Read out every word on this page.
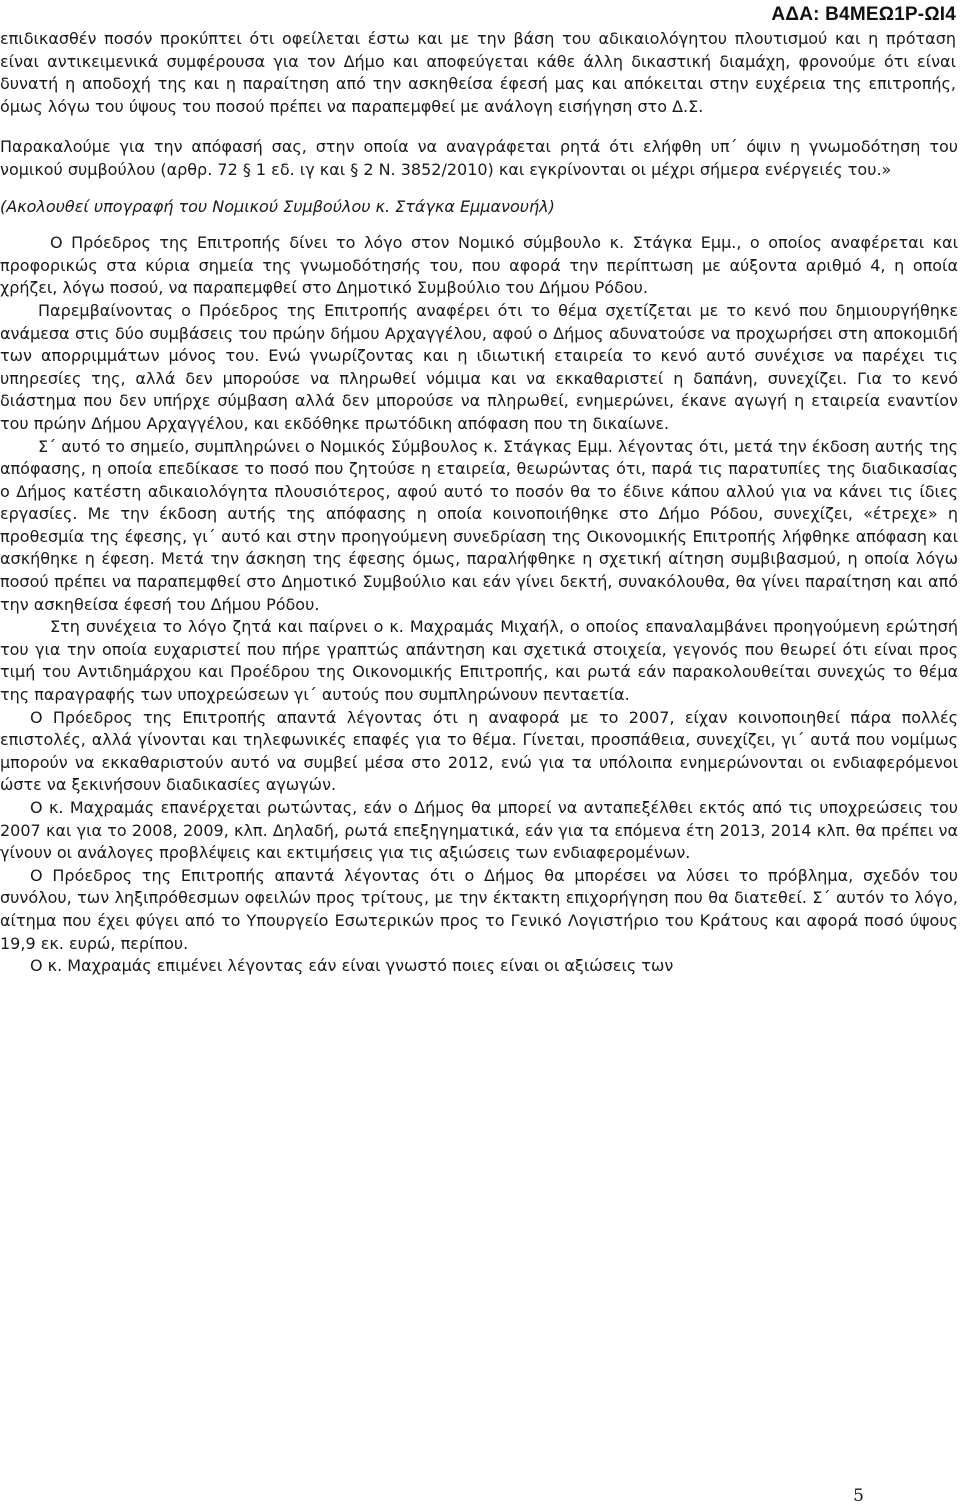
ΑΔΑ: Β4ΜΕΩ1Ρ-ΩΙ4

επιδικασθέν ποσόν προκύπτει ότι οφείλεται έστω και με την βάση του αδικαιολόγητου πλουτισμού και η πρόταση είναι αντικειμενικά συμφέρουσα για τον Δήμο και αποφεύγεται κάθε άλλη δικαστική διαμάχη, φρονούμε ότι είναι δυνατή η αποδοχή της και η παραίτηση από την ασκηθείσα έφεσή μας και απόκειται στην ευχέρεια της επιτροπής, όμως λόγω του ύψους του ποσού πρέπει να παραπεμφθεί με ανάλογη εισήγηση στο Δ.Σ.

Παρακαλούμε για την απόφασή σας, στην οποία να αναγράφεται ρητά ότι ελήφθη υπ΄ όψιν η γνωμοδότηση του νομικού συμβούλου (αρθρ. 72 § 1 εδ. ιγ και § 2 Ν. 3852/2010) και εγκρίνονται οι μέχρι σήμερα ενέργειές του.»

(Ακολουθεί υπογραφή του Νομικού Συμβούλου κ. Στάγκα Εμμανουήλ)

Ο Πρόεδρος της Επιτροπής δίνει το λόγο στον Νομικό σύμβουλο κ. Στάγκα Εμμ., ο οποίος αναφέρεται και προφορικώς στα κύρια σημεία της γνωμοδότησής του, που αφορά την περίπτωση με αύξοντα αριθμό 4, η οποία χρήζει, λόγω ποσού, να παραπεμφθεί στο Δημοτικό Συμβούλιο του Δήμου Ρόδου.

Παρεμβαίνοντας ο Πρόεδρος της Επιτροπής αναφέρει ότι το θέμα σχετίζεται με το κενό που δημιουργήθηκε ανάμεσα στις δύο συμβάσεις του πρώην δήμου Αρχαγγέλου, αφού ο Δήμος αδυνατούσε να προχωρήσει στη αποκομιδή των απορριμμάτων μόνος του. Ενώ γνωρίζοντας και η ιδιωτική εταιρεία το κενό αυτό συνέχισε να παρέχει τις υπηρεσίες της, αλλά δεν μπορούσε να πληρωθεί νόμιμα και να εκκαθαριστεί η δαπάνη, συνεχίζει. Για το κενό διάστημα που δεν υπήρχε σύμβαση αλλά δεν μπορούσε να πληρωθεί, ενημερώνει, έκανε αγωγή η εταιρεία εναντίον του πρώην Δήμου Αρχαγγέλου, και εκδόθηκε πρωτόδικη απόφαση που τη δικαίωνε.

Σ΄ αυτό το σημείο, συμπληρώνει ο Νομικός Σύμβουλος κ. Στάγκας Εμμ. λέγοντας ότι, μετά την έκδοση αυτής της απόφασης, η οποία επεδίκασε το ποσό που ζητούσε η εταιρεία, θεωρώντας ότι, παρά τις παρατυπίες της διαδικασίας ο Δήμος κατέστη αδικαιολόγητα πλουσιότερος, αφού αυτό το ποσόν θα το έδινε κάπου αλλού για να κάνει τις ίδιες εργασίες. Με την έκδοση αυτής της απόφασης η οποία κοινοποιήθηκε στο Δήμο Ρόδου, συνεχίζει, «έτρεχε» η προθεσμία της έφεσης, γι΄ αυτό και στην προηγούμενη συνεδρίαση της Οικονομικής Επιτροπής λήφθηκε απόφαση και ασκήθηκε η έφεση. Μετά την άσκηση της έφεσης όμως, παραλήφθηκε η σχετική αίτηση συμβιβασμού, η οποία λόγω ποσού πρέπει να παραπεμφθεί στο Δημοτικό Συμβούλιο και εάν γίνει δεκτή, συνακόλουθα, θα γίνει παραίτηση και από την ασκηθείσα έφεσή του Δήμου Ρόδου.

Στη συνέχεια το λόγο ζητά και παίρνει ο κ. Μαχραμάς Μιχαήλ, ο οποίος επαναλαμβάνει προηγούμενη ερώτησή του για την οποία ευχαριστεί που πήρε γραπτώς απάντηση και σχετικά στοιχεία, γεγονός που θεωρεί ότι είναι προς τιμή του Αντιδημάρχου και Προέδρου της Οικονομικής Επιτροπής, και ρωτά εάν παρακολουθείται συνεχώς το θέμα της παραγραφής των υποχρεώσεων γι΄ αυτούς που συμπληρώνουν πενταετία.

Ο Πρόεδρος της Επιτροπής απαντά λέγοντας ότι η αναφορά με το 2007, είχαν κοινοποιηθεί πάρα πολλές επιστολές, αλλά γίνονται και τηλεφωνικές επαφές για το θέμα. Γίνεται, προσπάθεια, συνεχίζει, γι΄ αυτά που νομίμως μπορούν να εκκαθαριστούν αυτό να συμβεί μέσα στο 2012, ενώ για τα υπόλοιπα ενημερώνονται οι ενδιαφερόμενοι ώστε να ξεκινήσουν διαδικασίες αγωγών.

Ο κ. Μαχραμάς επανέρχεται ρωτώντας, εάν ο Δήμος θα μπορεί να ανταπεξέλθει εκτός από τις υποχρεώσεις του 2007 και για το 2008, 2009, κλπ. Δηλαδή, ρωτά επεξηγηματικά, εάν για τα επόμενα έτη 2013, 2014 κλπ. θα πρέπει να γίνουν οι ανάλογες προβλέψεις και εκτιμήσεις για τις αξιώσεις των ενδιαφερομένων.

Ο Πρόεδρος της Επιτροπής απαντά λέγοντας ότι ο Δήμος θα μπορέσει να λύσει το πρόβλημα, σχεδόν του συνόλου, των ληξιπρόθεσμων οφειλών προς τρίτους, με την έκτακτη επιχορήγηση που θα διατεθεί. Σ΄ αυτόν το λόγο, αίτημα που έχει φύγει από το Υπουργείο Εσωτερικών προς το Γενικό Λογιστήριο του Κράτους και αφορά ποσό ύψους 19,9 εκ. ευρώ, περίπου.

Ο κ. Μαχραμάς επιμένει λέγοντας εάν είναι γνωστό ποιες είναι οι αξιώσεις των

5
